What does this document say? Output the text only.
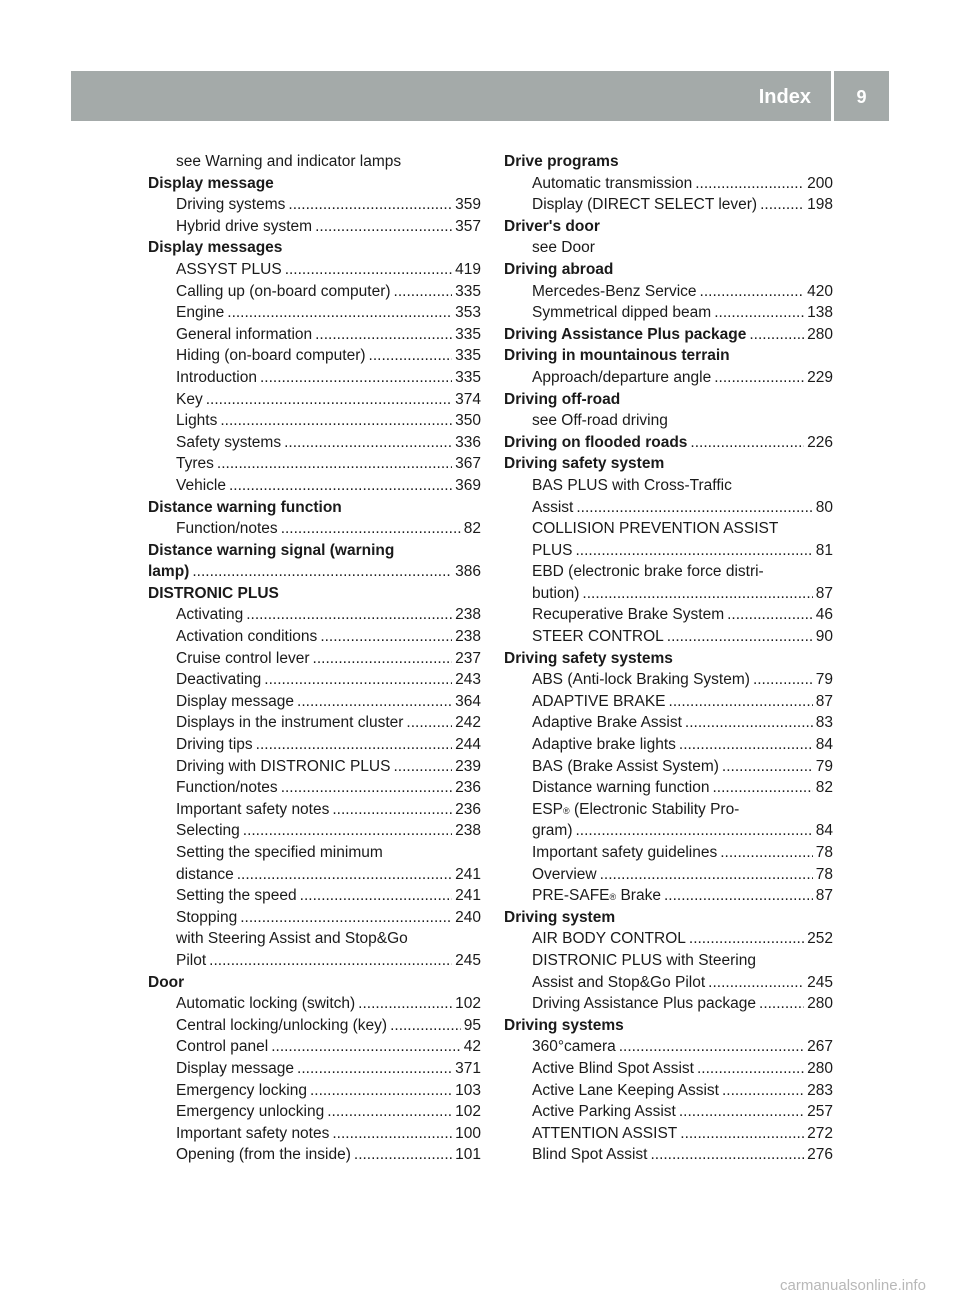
Index	9
see Warning and indicator lamps
Display message
Driving systems .....	359
Hybrid drive system .....	357
Display messages
ASSYST PLUS .....	419
Calling up (on-board computer) .....	335
Engine .....	353
General information .....	335
Hiding (on-board computer) .....	335
Introduction .....	335
Key .....	374
Lights .....	350
Safety systems .....	336
Tyres .....	367
Vehicle .....	369
Distance warning function
Function/notes .....	82
Distance warning signal (warning
lamp) .....	386
DISTRONIC PLUS
Activating .....	238
Activation conditions .....	238
Cruise control lever .....	237
Deactivating .....	243
Display message .....	364
Displays in the instrument cluster .....	242
Driving tips .....	244
Driving with DISTRONIC PLUS .....	239
Function/notes .....	236
Important safety notes .....	236
Selecting .....	238
Setting the specified minimum
distance .....	241
Setting the speed .....	241
Stopping .....	240
with Steering Assist and Stop&Go
Pilot .....	245
Door
Automatic locking (switch) .....	102
Central locking/unlocking (key) .....	95
Control panel .....	42
Display message .....	371
Emergency locking .....	103
Emergency unlocking .....	102
Important safety notes .....	100
Opening (from the inside) .....	101
Drive programs
Automatic transmission .....	200
Display (DIRECT SELECT lever) .....	198
Driver's door
see Door
Driving abroad
Mercedes-Benz Service .....	420
Symmetrical dipped beam .....	138
Driving Assistance Plus package .....	280
Driving in mountainous terrain
Approach/departure angle .....	229
Driving off-road
see Off-road driving
Driving on flooded roads .....	226
Driving safety system
BAS PLUS with Cross-Traffic
Assist .....	80
COLLISION PREVENTION ASSIST
PLUS .....	81
EBD (electronic brake force distri-
bution) .....	87
Recuperative Brake System .....	46
STEER CONTROL .....	90
Driving safety systems
ABS (Anti-lock Braking System) .....	79
ADAPTIVE BRAKE .....	87
Adaptive Brake Assist .....	83
Adaptive brake lights .....	84
BAS (Brake Assist System) .....	79
Distance warning function .....	82
ESP ® (Electronic Stability Pro-
gram) .....	84
Important safety guidelines .....	78
Overview .....	78
PRE-SAFE ® Brake .....	87
Driving system
AIR BODY CONTROL .....	252
DISTRONIC PLUS with Steering
Assist and Stop&Go Pilot .....	245
Driving Assistance Plus package .....	280
Driving systems
360°camera .....	267
Active Blind Spot Assist .....	280
Active Lane Keeping Assist .....	283
Active Parking Assist .....	257
ATTENTION ASSIST .....	272
Blind Spot Assist .....	276
carmanualsonline.info
